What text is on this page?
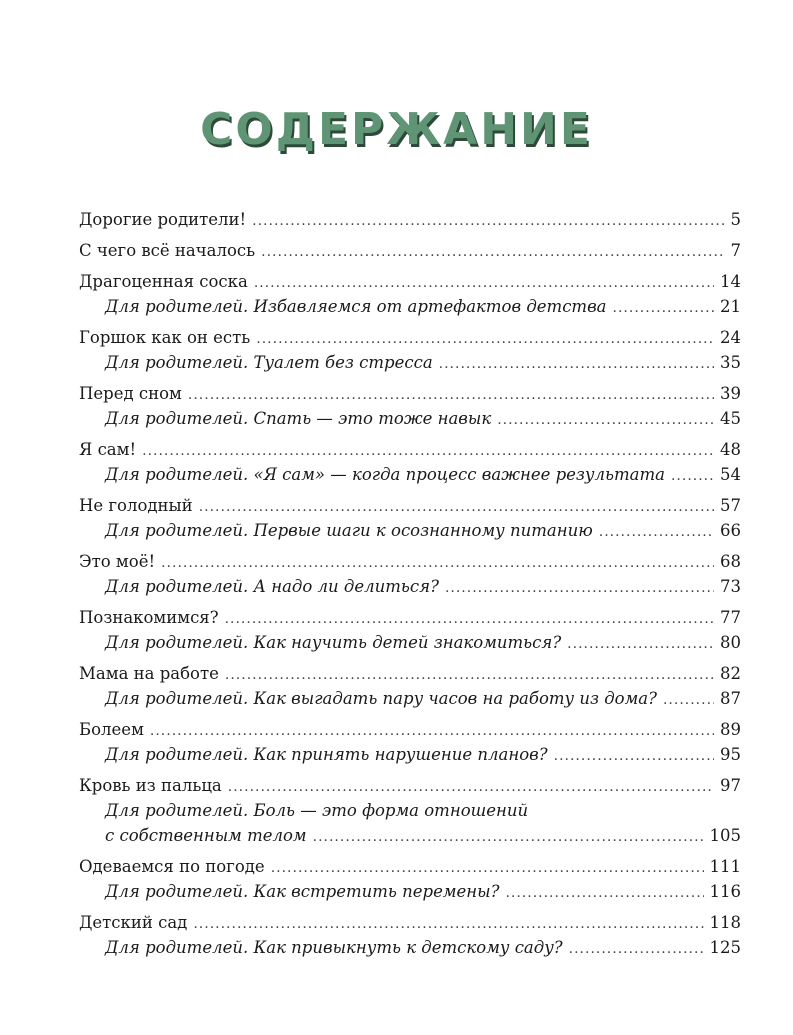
СОДЕРЖАНИЕ
Дорогие родители! .....	5
С чего всё началось .....	7
Драгоценная соска .....	14
Для родителей. Избавляемся от артефактов детства .....	21
Горшок как он есть .....	24
Для родителей. Туалет без стресса .....	35
Перед сном .....	39
Для родителей. Спать — это тоже навык .....	45
Я сам! .....	48
Для родителей. «Я сам» — когда процесс важнее результата .....	54
Не голодный .....	57
Для родителей. Первые шаги к осознанному питанию .....	66
Это моё! .....	68
Для родителей. А надо ли делиться? .....	73
Познакомимся? .....	77
Для родителей. Как научить детей знакомиться? .....	80
Мама на работе .....	82
Для родителей. Как выгадать пару часов на работу из дома? .....	87
Болеем .....	89
Для родителей. Как принять нарушение планов? .....	95
Кровь из пальца .....	97
Для родителей. Боль — это форма отношений
с собственным телом .....	105
Одеваемся по погоде .....	111
Для родителей. Как встретить перемены? .....	116
Детский сад .....	118
Для родителей. Как привыкнуть к детскому саду? .....	125
